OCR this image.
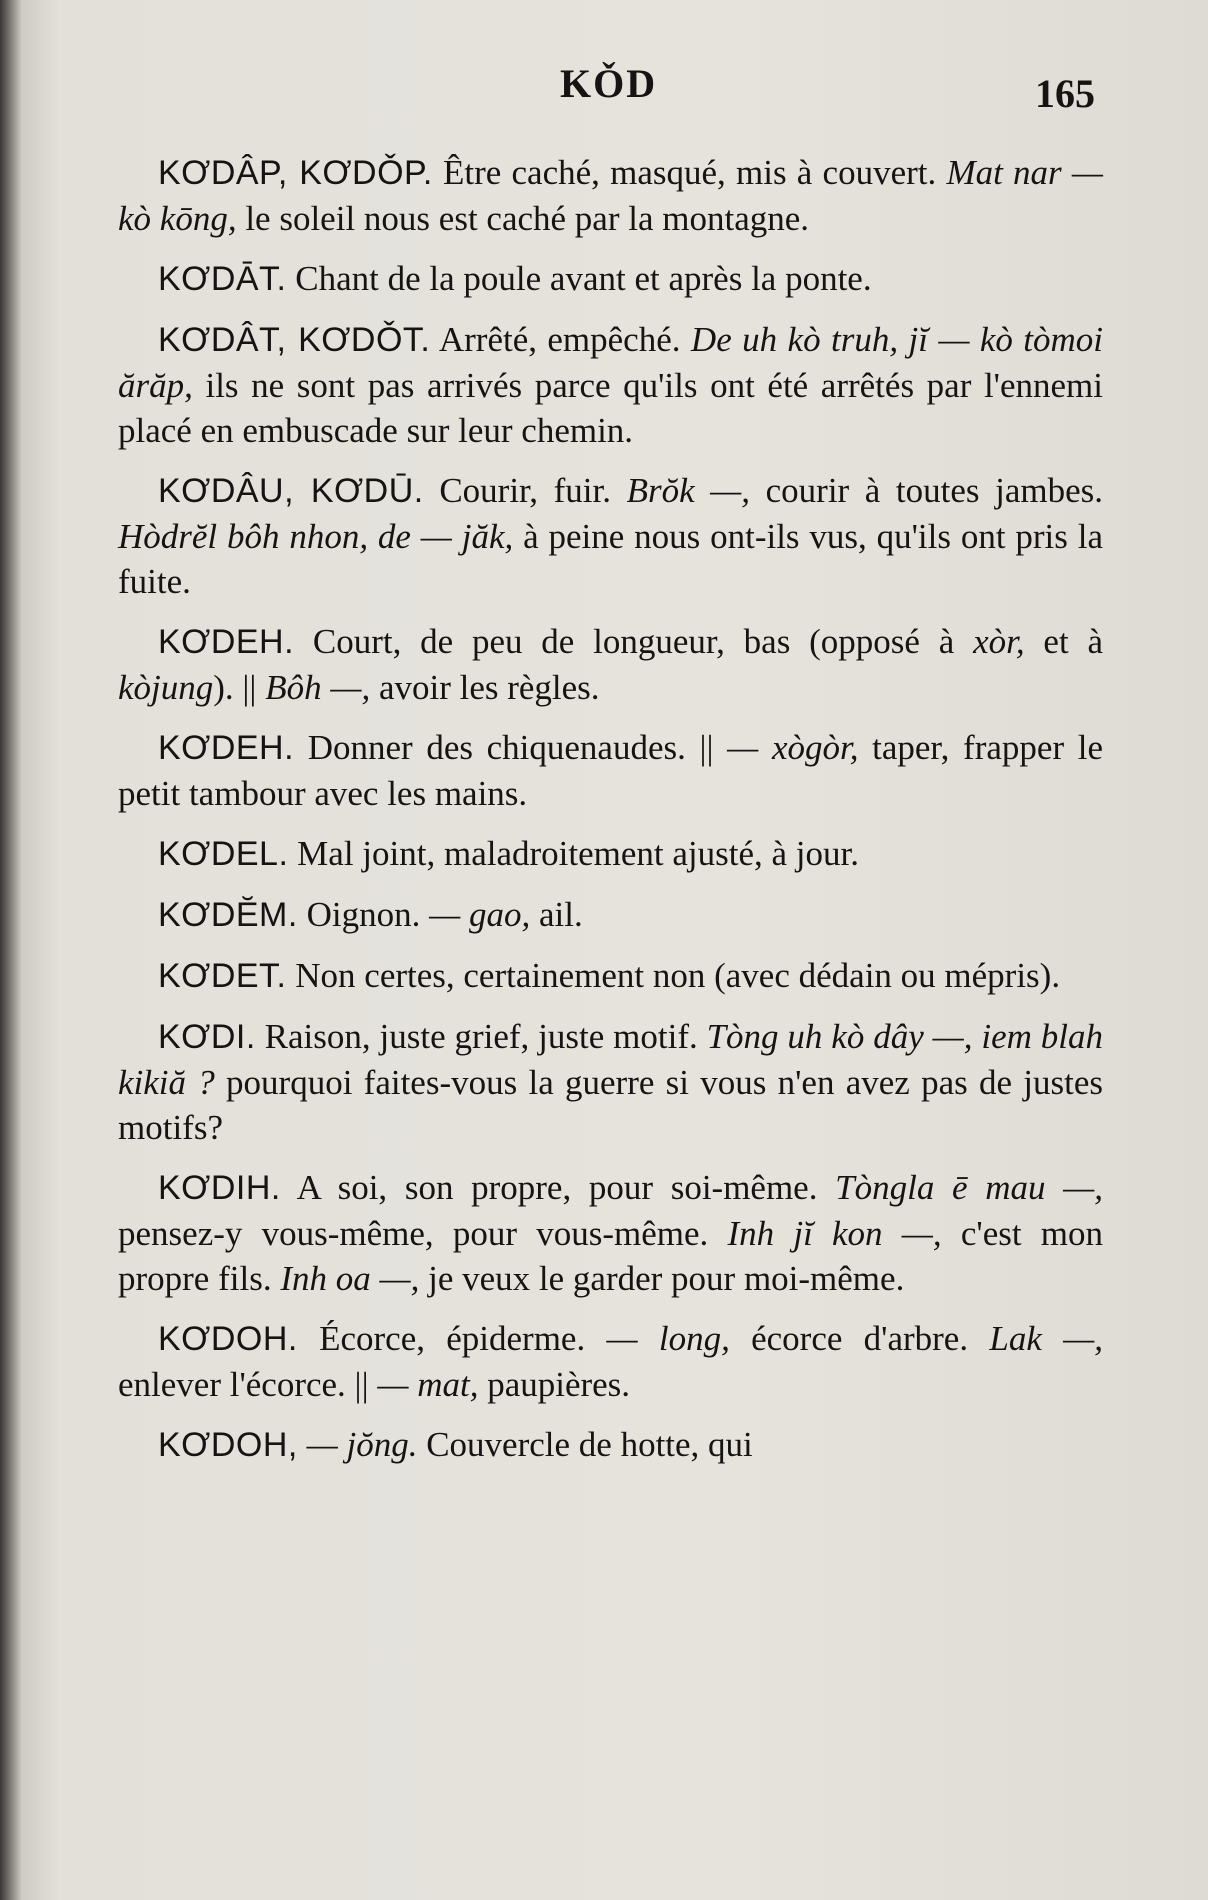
KǑD	165

KƠDÂP, KƠDǑP. Être caché, masqué, mis à couvert. Mat nar — kò kōng, le soleil nous est caché par la montagne.

KƠDĀT. Chant de la poule avant et après la ponte.

KƠDÂT, KƠDǑT. Arrêté, empêché. De uh kò truh, jĭ — kò tòmoi ărăp, ils ne sont pas arrivés parce qu'ils ont été arrêtés par l'ennemi placé en embuscade sur leur chemin.

KƠDÂU, KƠDŪ. Courir, fuir. Brŏk —, courir à toutes jambes. Hòdrĕl bôh nhon, de — jăk, à peine nous ont-ils vus, qu'ils ont pris la fuite.

KƠDEH. Court, de peu de longueur, bas (opposé à xòr, et à kòjung). || Bôh —, avoir les règles.

KƠDEH. Donner des chiquenaudes. || — xògòr, taper, frapper le petit tambour avec les mains.

KƠDEL. Mal joint, maladroitement ajusté, à jour.

KƠDĔM. Oignon. — gao, ail.

KƠDET. Non certes, certainement non (avec dédain ou mépris).

KƠDI. Raison, juste grief, juste motif. Tòng uh kò dây —, iem blah kikiă ? pourquoi faites-vous la guerre si vous n'en avez pas de justes motifs?

KƠDIH. A soi, son propre, pour soi-même. Tòngla ē mau —, pensez-y vous-même, pour vous-même. Inh jĭ kon —, c'est mon propre fils. Inh oa —, je veux le garder pour moi-même.

KƠDOH. Écorce, épiderme. — long, écorce d'arbre. Lak —, enlever l'écorce. || — mat, paupières.

KƠDOH, — jŏng. Couvercle de hotte, qui
